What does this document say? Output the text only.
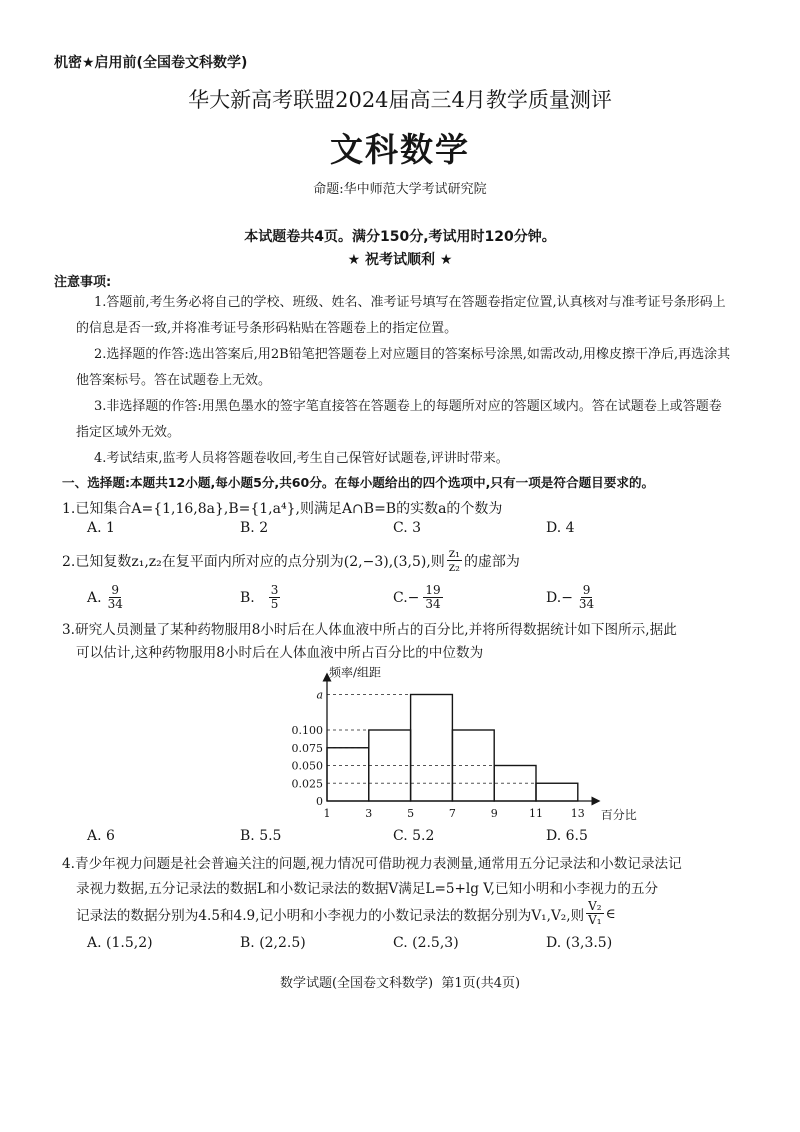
机密★启用前(全国卷文科数学)
华大新高考联盟2024届高三4月教学质量测评
文科数学
命题:华中师范大学考试研究院
本试题卷共4页。满分150分,考试用时120分钟。
★ 祝考试顺利 ★
注意事项:
1.答题前,考生务必将自己的学校、班级、姓名、准考证号填写在答题卷指定位置,认真核对与准考证号条形码上的信息是否一致,并将准考证号条形码粘贴在答题卷上的指定位置。
2.选择题的作答:选出答案后,用2B铅笔把答题卷上对应题目的答案标号涂黑,如需改动,用橡皮擦干净后,再选涂其他答案标号。答在试题卷上无效。
3.非选择题的作答:用黑色墨水的签字笔直接答在答题卷上的每题所对应的答题区域内。答在试题卷上或答题卷指定区域外无效。
4.考试结束,监考人员将答题卷收回,考生自己保管好试题卷,评讲时带来。
一、选择题:本题共12小题,每小题5分,共60分。在每小题给出的四个选项中,只有一项是符合题目要求的。
1.已知集合A={1,16,8a},B={1,a⁴},则满足A∩B=B的实数a的个数为
A. 1	B. 2	C. 3	D. 4
2.已知复数z₁,z₂在复平面内所对应的点分别为(2,−3),(3,5),则 $\frac{\text{z₁}}{\text{z₂}}$ 的虚部为
A. $\frac{9}{34}$	B. $\frac{3}{5}$	C. − $\frac{19}{34}$	D. − $\frac{9}{34}$
3.研究人员测量了某种药物服用8小时后在人体血液中所占的百分比,并将所得数据统计如下图所示,据此
可以估计,这种药物服用8小时后在人体血液中所占百分比的中位数为
0
0.025
0.050
0.075
0.100
a
1	3	5	7	9	11	13
频率/组距
百分比
A. 6	B. 5.5	C. 5.2	D. 6.5
4.青少年视力问题是社会普遍关注的问题,视力情况可借助视力表测量,通常用五分记录法和小数记录法记
录视力数据,五分记录法的数据L和小数记录法的数据V满足L=5+lg V,已知小明和小李视力的五分
记录法的数据分别为4.5和4.9,记小明和小李视力的小数记录法的数据分别为V₁,V₂,则 $\frac{\text{V₂}}{\text{V₁}}$ ∈
A. (1.5,2)	B. (2,2.5)	C. (2.5,3)	D. (3,3.5)
数学试题(全国卷文科数学)  第1页(共4页)
